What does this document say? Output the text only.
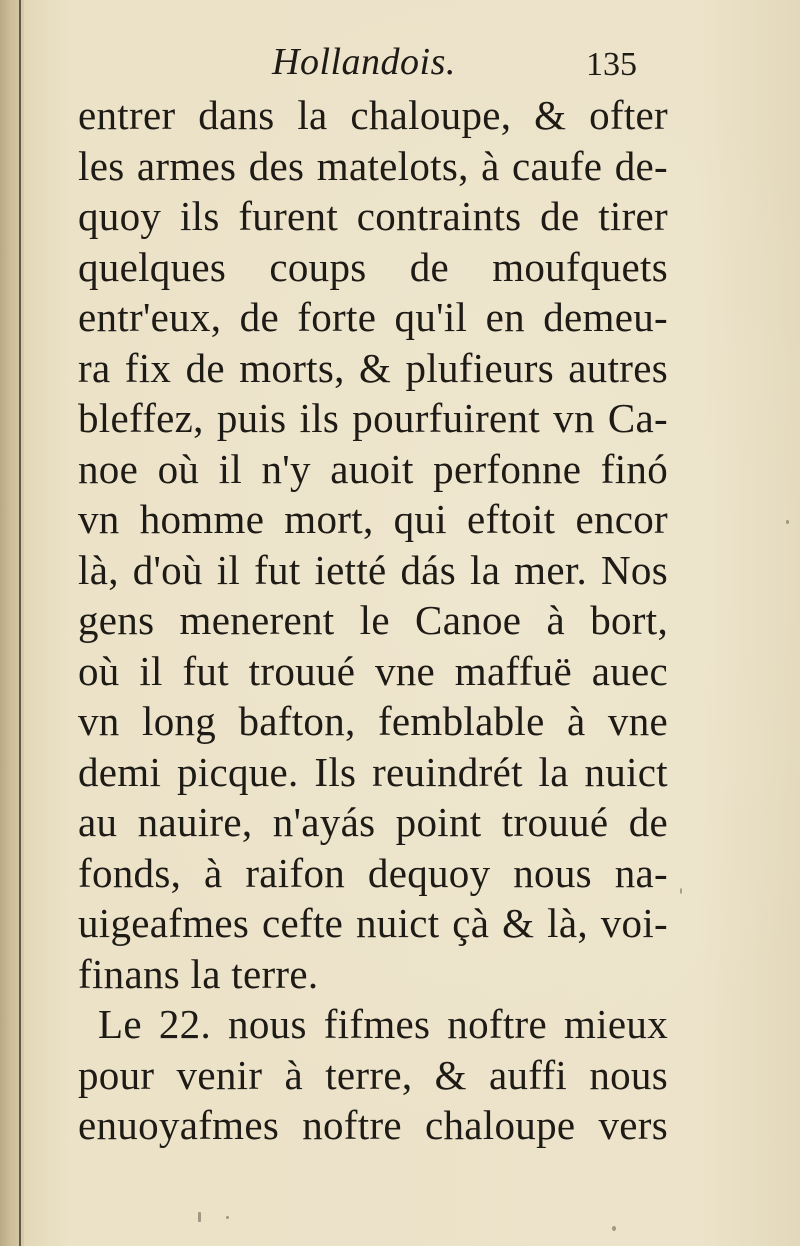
Hollandois.	135
entrer dans la chaloupe, & ofter
les armes des matelots, à caufe de-
quoy ils furent contraints de tirer
quelques coups de moufquets
entr'eux, de forte qu'il en demeu-
ra fix de morts, & plufieurs autres
bleffez, puis ils pourfuirent vn Ca-
noe où il n'y auoit perfonne finó
vn homme mort, qui eftoit encor
là, d'où il fut ietté dás la mer. Nos
gens menerent le Canoe à bort,
où il fut trouué vne maffuë auec
vn long bafton, femblable à vne
demi picque. Ils reuindrét la nuict
au nauire, n'ayás point trouué de
fonds, à raifon dequoy nous na-
uigeafmes cefte nuict çà & là, voi-
finans la terre.
Le 22. nous fifmes noftre mieux
pour venir à terre, & auffi nous
enuoyafmes noftre chaloupe vers
